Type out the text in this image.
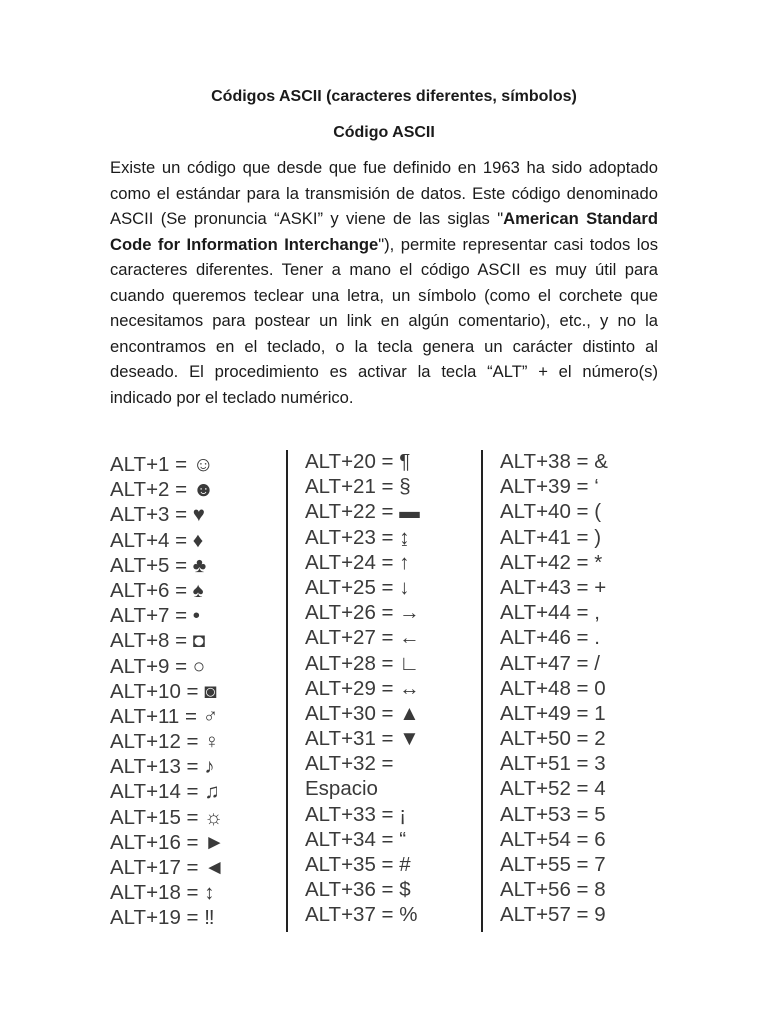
Códigos ASCII (caracteres diferentes, símbolos)
Código ASCII

Existe un código que desde que fue definido en 1963 ha sido adoptado como el estándar para la transmisión de datos. Este código denominado ASCII (Se pronuncia “ASKI” y viene de las siglas "American Standard Code for Information Interchange"), permite representar casi todos los caracteres diferentes. Tener a mano el código ASCII es muy útil para cuando queremos teclear una letra, un símbolo (como el corchete que necesitamos para postear un link en algún comentario), etc., y no la encontramos en el teclado, o la tecla genera un carácter distinto al deseado. El procedimiento es activar la tecla “ALT” + el número(s) indicado por el teclado numérico.

ALT+1 = ☺
ALT+2 = ☻
ALT+3 = ♥
ALT+4 = ♦
ALT+5 = ♣
ALT+6 = ♠
ALT+7 = •
ALT+8 = ◘
ALT+9 = ○
ALT+10 = ◙
ALT+11 = ♂
ALT+12 = ♀
ALT+13 = ♪
ALT+14 = ♫
ALT+15 = ☼
ALT+16 = ►
ALT+17 = ◄
ALT+18 = ↕
ALT+19 = ‼
ALT+20 = ¶
ALT+21 = §
ALT+22 = ▬
ALT+23 = ↨
ALT+24 = ↑
ALT+25 = ↓
ALT+26 = →
ALT+27 = ←
ALT+28 = ∟
ALT+29 = ↔
ALT+30 = ▲
ALT+31 = ▼
ALT+32 =
Espacio
ALT+33 = ¡
ALT+34 = “
ALT+35 = #
ALT+36 = $
ALT+37 = %
ALT+38 = &
ALT+39 = ‘
ALT+40 = (
ALT+41 = )
ALT+42 = *
ALT+43 = +
ALT+44 = ,
ALT+46 = .
ALT+47 = /
ALT+48 = 0
ALT+49 = 1
ALT+50 = 2
ALT+51 = 3
ALT+52 = 4
ALT+53 = 5
ALT+54 = 6
ALT+55 = 7
ALT+56 = 8
ALT+57 = 9
